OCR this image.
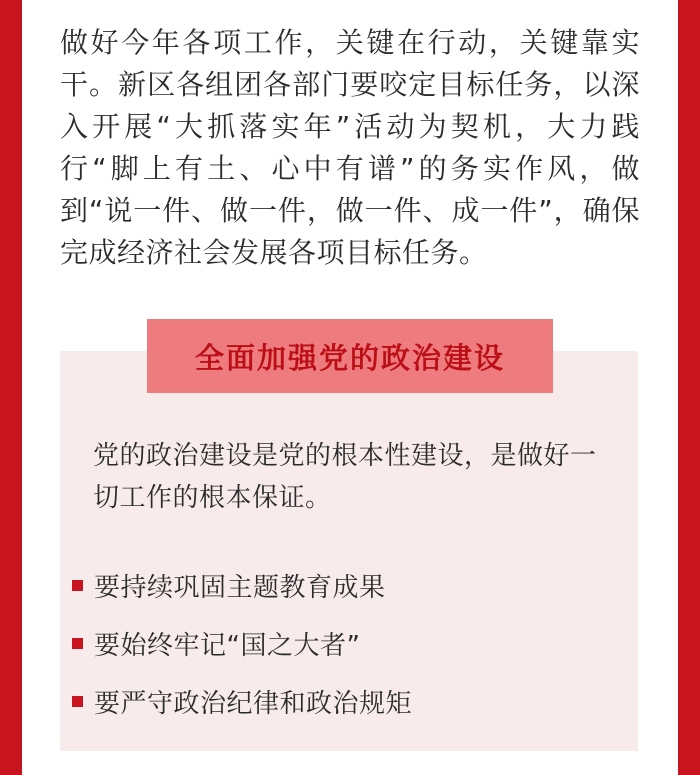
做好今年各项工作，关键在行动，关键靠实干。新区各组团各部门要咬定目标任务，以深入开展“大抓落实年”活动为契机，大力践行“脚上有土、心中有谱”的务实作风，做到“说一件、做一件，做一件、成一件”，确保完成经济社会发展各项目标任务。

全面加强党的政治建设

党的政治建设是党的根本性建设，是做好一切工作的根本保证。

要持续巩固主题教育成果
要始终牢记“国之大者”
要严守政治纪律和政治规矩
